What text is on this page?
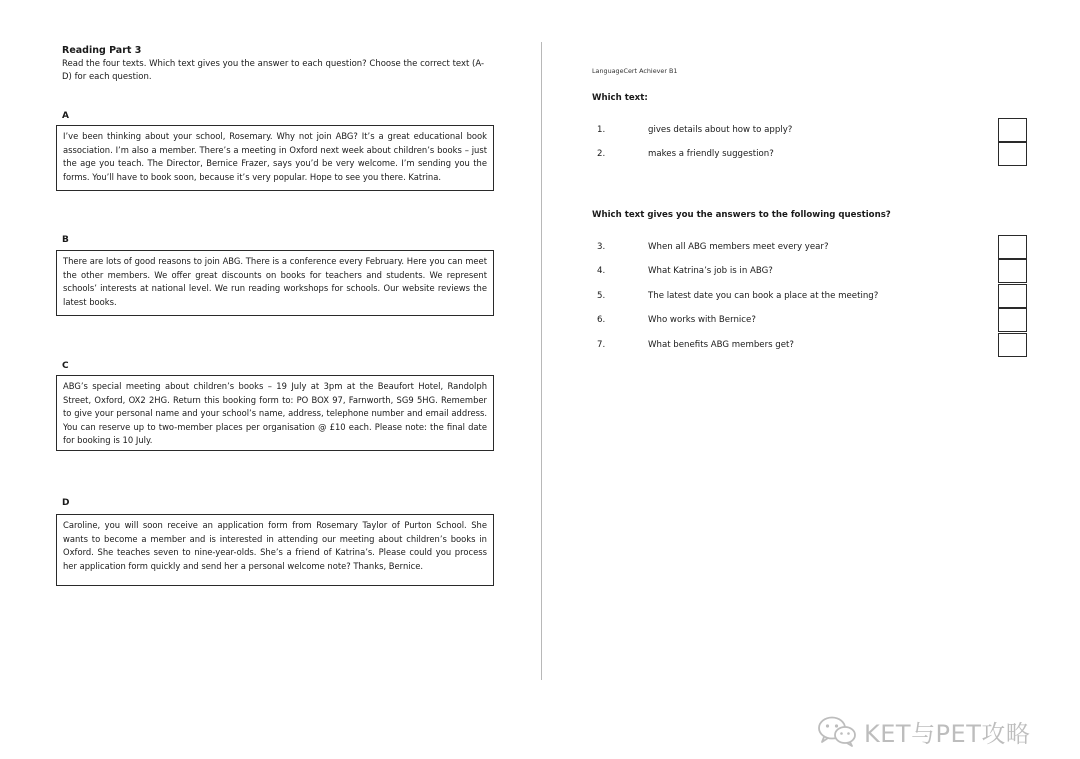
Reading Part 3

Read the four texts. Which text gives you the answer to each question? Choose the correct text (A-D) for each question.

A
I’ve been thinking about your school, Rosemary. Why not join ABG? It’s a great educational book association. I’m also a member. There’s a meeting in Oxford next week about children’s books – just the age you teach. The Director, Bernice Frazer, says you’d be very welcome. I’m sending you the forms. You’ll have to book soon, because it’s very popular. Hope to see you there. Katrina.
B
There are lots of good reasons to join ABG. There is a conference every February. Here you can meet the other members. We offer great discounts on books for teachers and students. We represent schools’ interests at national level. We run reading workshops for schools. Our website reviews the latest books.
C
ABG’s special meeting about children’s books – 19 July at 3pm at the Beaufort Hotel, Randolph Street, Oxford, OX2 2HG. Return this booking form to: PO BOX 97, Farnworth, SG9 5HG. Remember to give your personal name and your school’s name, address, telephone number and email address. You can reserve up to two-member places per organisation @ £10 each. Please note: the final date for booking is 10 July.
D
Caroline, you will soon receive an application form from Rosemary Taylor of Purton School. She wants to become a member and is interested in attending our meeting about children’s books in Oxford. She teaches seven to nine-year-olds. She’s a friend of Katrina’s. Please could you process her application form quickly and send her a personal welcome note? Thanks, Bernice.
LanguageCert Achiever B1
Which text:
1.	gives details about how to apply?
2.	makes a friendly suggestion?
Which text gives you the answers to the following questions?
3.	When all ABG members meet every year?
4.	What Katrina’s job is in ABG?
5.	The latest date you can book a place at the meeting?
6.	Who works with Bernice?
7.	What benefits ABG members get?
KET与PET攻略
